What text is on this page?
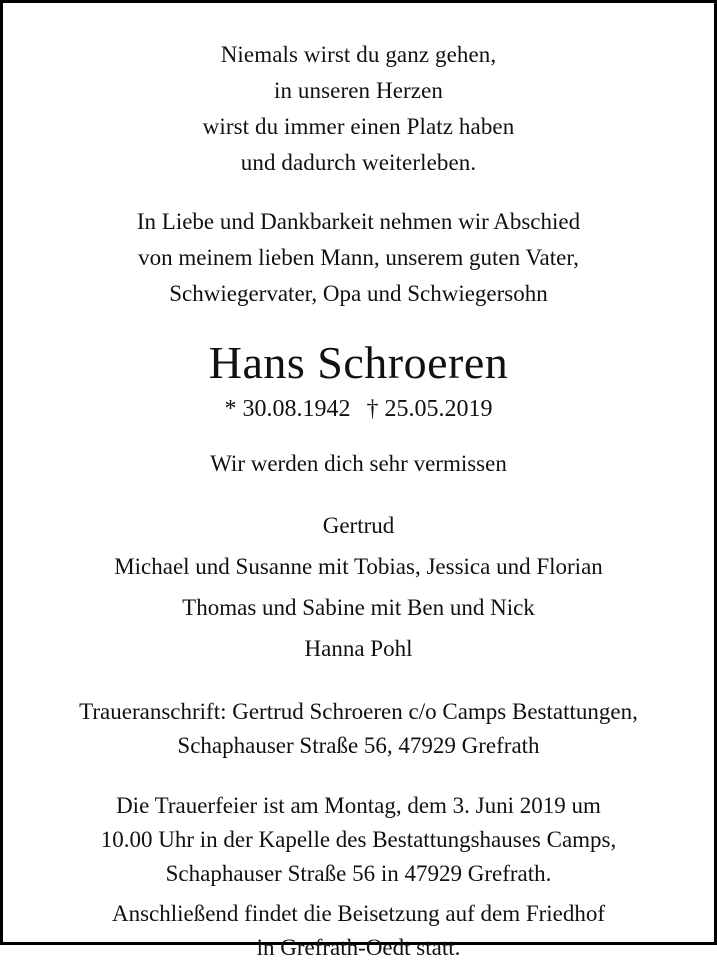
Niemals wirst du ganz gehen,
in unseren Herzen
wirst du immer einen Platz haben
und dadurch weiterleben.
In Liebe und Dankbarkeit nehmen wir Abschied
von meinem lieben Mann, unserem guten Vater,
Schwiegervater, Opa und Schwiegersohn
Hans Schroeren
* 30.08.1942 † 25.05.2019
Wir werden dich sehr vermissen
Gertrud
Michael und Susanne mit Tobias, Jessica und Florian
Thomas und Sabine mit Ben und Nick
Hanna Pohl
Traueranschrift: Gertrud Schroeren c/o Camps Bestattungen,
Schaphauser Straße 56, 47929 Grefrath
Die Trauerfeier ist am Montag, dem 3. Juni 2019 um
10.00 Uhr in der Kapelle des Bestattungshauses Camps,
Schaphauser Straße 56 in 47929 Grefrath.
Anschließend findet die Beisetzung auf dem Friedhof
in Grefrath-Oedt statt.
